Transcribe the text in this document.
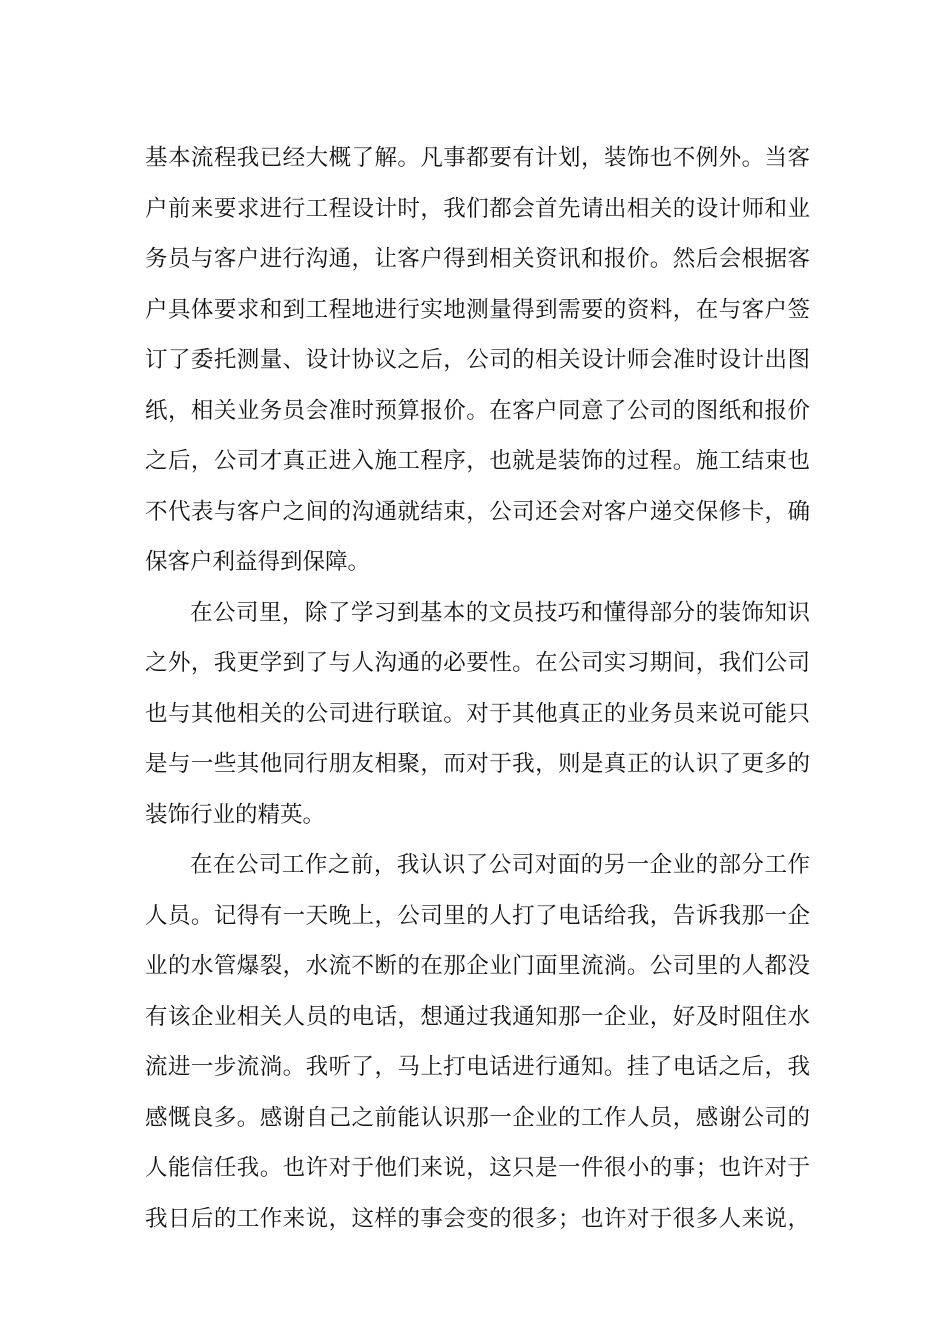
基本流程我已经大概了解。凡事都要有计划，装饰也不例外。当客
户前来要求进行工程设计时，我们都会首先请出相关的设计师和业
务员与客户进行沟通，让客户得到相关资讯和报价。然后会根据客
户具体要求和到工程地进行实地测量得到需要的资料，在与客户签
订了委托测量、设计协议之后，公司的相关设计师会准时设计出图
纸，相关业务员会准时预算报价。在客户同意了公司的图纸和报价
之后，公司才真正进入施工程序，也就是装饰的过程。施工结束也
不代表与客户之间的沟通就结束，公司还会对客户递交保修卡，确
保客户利益得到保障。
在公司里，除了学习到基本的文员技巧和懂得部分的装饰知识
之外，我更学到了与人沟通的必要性。在公司实习期间，我们公司
也与其他相关的公司进行联谊。对于其他真正的业务员来说可能只
是与一些其他同行朋友相聚，而对于我，则是真正的认识了更多的
装饰行业的精英。
在在公司工作之前，我认识了公司对面的另一企业的部分工作
人员。记得有一天晚上，公司里的人打了电话给我，告诉我那一企
业的水管爆裂，水流不断的在那企业门面里流淌。公司里的人都没
有该企业相关人员的电话，想通过我通知那一企业，好及时阻住水
流进一步流淌。我听了，马上打电话进行通知。挂了电话之后，我
感慨良多。感谢自己之前能认识那一企业的工作人员，感谢公司的
人能信任我。也许对于他们来说，这只是一件很小的事；也许对于
我日后的工作来说，这样的事会变的很多；也许对于很多人来说，
